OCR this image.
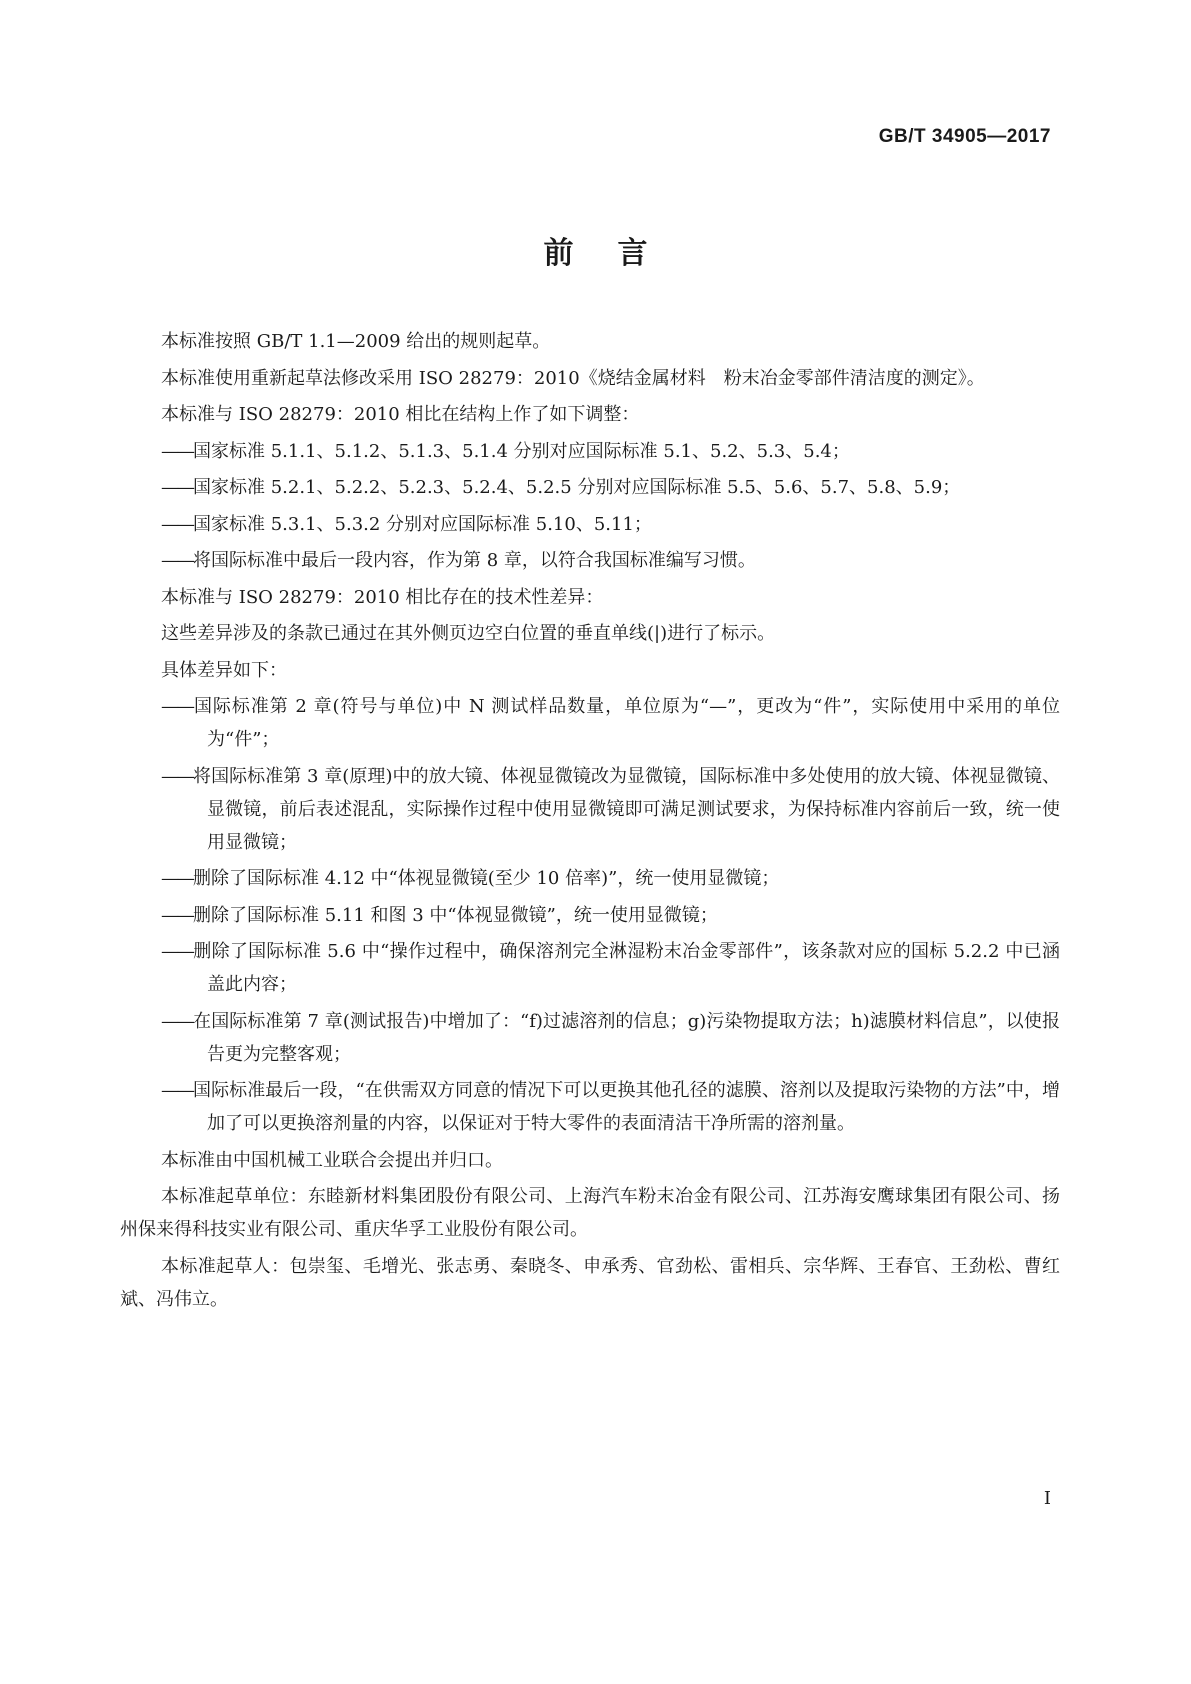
GB/T 34905—2017
前言

本标准按照 GB/T 1.1—2009 给出的规则起草。

本标准使用重新起草法修改采用 ISO 28279：2010《烧结金属材料　粉末冶金零部件清洁度的测定》。

本标准与 ISO 28279：2010 相比在结构上作了如下调整：

——国家标准 5.1.1、5.1.2、5.1.3、5.1.4 分别对应国际标准 5.1、5.2、5.3、5.4；

——国家标准 5.2.1、5.2.2、5.2.3、5.2.4、5.2.5 分别对应国际标准 5.5、5.6、5.7、5.8、5.9；

——国家标准 5.3.1、5.3.2 分别对应国际标准 5.10、5.11；

——将国际标准中最后一段内容，作为第 8 章，以符合我国标准编写习惯。

本标准与 ISO 28279：2010 相比存在的技术性差异：

这些差异涉及的条款已通过在其外侧页边空白位置的垂直单线(|)进行了标示。

具体差异如下：

——国际标准第 2 章(符号与单位)中 N 测试样品数量，单位原为“—”，更改为“件”，实际使用中采用的单位为“件”；

——将国际标准第 3 章(原理)中的放大镜、体视显微镜改为显微镜，国际标准中多处使用的放大镜、体视显微镜、显微镜，前后表述混乱，实际操作过程中使用显微镜即可满足测试要求，为保持标准内容前后一致，统一使用显微镜；

——删除了国际标准 4.12 中“体视显微镜(至少 10 倍率)”，统一使用显微镜；

——删除了国际标准 5.11 和图 3 中“体视显微镜”，统一使用显微镜；

——删除了国际标准 5.6 中“操作过程中，确保溶剂完全淋湿粉末冶金零部件”，该条款对应的国标 5.2.2 中已涵盖此内容；

——在国际标准第 7 章(测试报告)中增加了：“f)过滤溶剂的信息；g)污染物提取方法；h)滤膜材料信息”，以使报告更为完整客观；

——国际标准最后一段，“在供需双方同意的情况下可以更换其他孔径的滤膜、溶剂以及提取污染物的方法”中，增加了可以更换溶剂量的内容，以保证对于特大零件的表面清洁干净所需的溶剂量。

本标准由中国机械工业联合会提出并归口。

本标准起草单位：东睦新材料集团股份有限公司、上海汽车粉末冶金有限公司、江苏海安鹰球集团有限公司、扬州保来得科技实业有限公司、重庆华孚工业股份有限公司。

本标准起草人：包崇玺、毛增光、张志勇、秦晓冬、申承秀、官劲松、雷相兵、宗华辉、王春官、王劲松、曹红斌、冯伟立。

I
